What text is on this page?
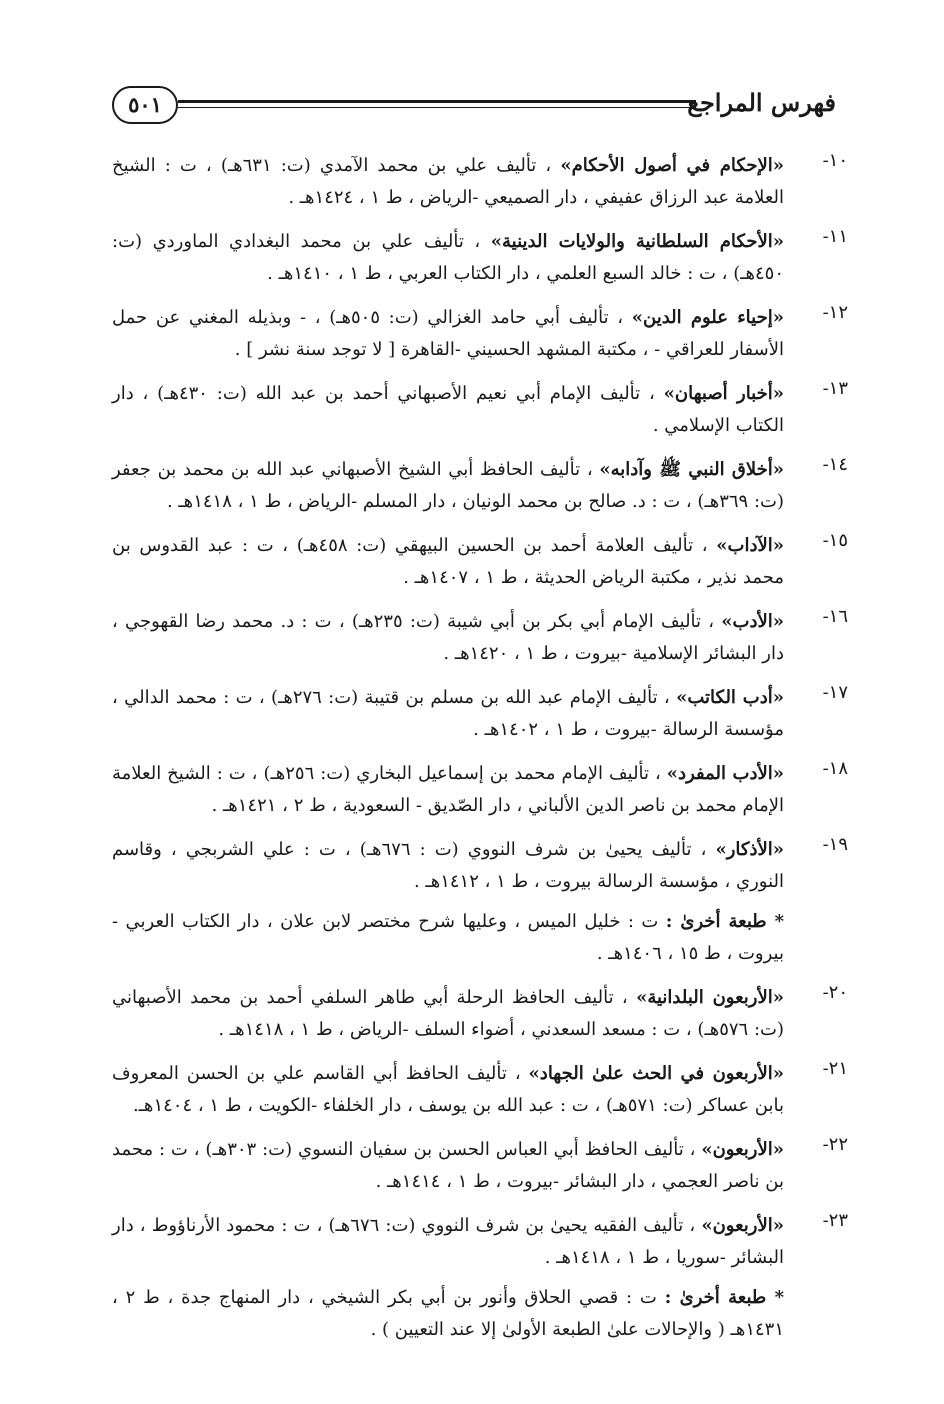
فهرس المراجع
٥٠١
١٠-
«الإحكام في أصول الأحكام» ، تأليف علي بن محمد الآمدي (ت: ٦٣١هـ) ، ت : الشيخ العلامة عبد الرزاق عفيفي ، دار الصميعي -الرياض ، ط ١ ، ١٤٢٤هـ .
١١-
«الأحكام السلطانية والولايات الدينية» ، تأليف علي بن محمد البغدادي الماوردي (ت: ٤٥٠هـ) ، ت : خالد السبع العلمي ، دار الكتاب العربي ، ط ١ ، ١٤١٠هـ .
١٢-
«إحياء علوم الدين» ، تأليف أبي حامد الغزالي (ت: ٥٠٥هـ) ، - وبذيله المغني عن حمل الأسفار للعراقي - ، مكتبة المشهد الحسيني -القاهرة [ لا توجد سنة نشر ] .
١٣-
«أخبار أصبهان» ، تأليف الإمام أبي نعيم الأصبهاني أحمد بن عبد الله (ت: ٤٣٠هـ) ، دار الكتاب الإسلامي .
١٤-
«أخلاق النبي ﷺ وآدابه» ، تأليف الحافظ أبي الشيخ الأصبهاني عبد الله بن محمد بن جعفر (ت: ٣٦٩هـ) ، ت : د. صالح بن محمد الونيان ، دار المسلم -الرياض ، ط ١ ، ١٤١٨هـ .
١٥-
«الآداب» ، تأليف العلامة أحمد بن الحسين البيهقي (ت: ٤٥٨هـ) ، ت : عبد القدوس بن محمد نذير ، مكتبة الرياض الحديثة ، ط ١ ، ١٤٠٧هـ .
١٦-
«الأدب» ، تأليف الإمام أبي بكر بن أبي شيبة (ت: ٢٣٥هـ) ، ت : د. محمد رضا القهوجي ، دار البشائر الإسلامية -بيروت ، ط ١ ، ١٤٢٠هـ .
١٧-
«أدب الكاتب» ، تأليف الإمام عبد الله بن مسلم بن قتيبة (ت: ٢٧٦هـ) ، ت : محمد الدالي ، مؤسسة الرسالة -بيروت ، ط ١ ، ١٤٠٢هـ .
١٨-
«الأدب المفرد» ، تأليف الإمام محمد بن إسماعيل البخاري (ت: ٢٥٦هـ) ، ت : الشيخ العلامة الإمام محمد بن ناصر الدين الألباني ، دار الصّديق - السعودية ، ط ٢ ، ١٤٢١هـ .
١٩-
«الأذكار» ، تأليف يحيىٰ بن شرف النووي (ت : ٦٧٦هـ) ، ت : علي الشربجي ، وقاسم النوري ، مؤسسة الرسالة بيروت ، ط ١ ، ١٤١٢هـ .
* طبعة أخرىٰ : ت : خليل الميس ، وعليها شرح مختصر لابن علان ، دار الكتاب العربي - بيروت ، ط ١٥ ، ١٤٠٦هـ .
٢٠-
«الأربعون البلدانية» ، تأليف الحافظ الرحلة أبي طاهر السلفي أحمد بن محمد الأصبهاني (ت: ٥٧٦هـ) ، ت : مسعد السعدني ، أضواء السلف -الرياض ، ط ١ ، ١٤١٨هـ .
٢١-
«الأربعون في الحث علىٰ الجهاد» ، تأليف الحافظ أبي القاسم علي بن الحسن المعروف بابن عساكر (ت: ٥٧١هـ) ، ت : عبد الله بن يوسف ، دار الخلفاء -الكويت ، ط ١ ، ١٤٠٤هـ.
٢٢-
«الأربعون» ، تأليف الحافظ أبي العباس الحسن بن سفيان النسوي (ت: ٣٠٣هـ) ، ت : محمد بن ناصر العجمي ، دار البشائر -بيروت ، ط ١ ، ١٤١٤هـ .
٢٣-
«الأربعون» ، تأليف الفقيه يحيىٰ بن شرف النووي (ت: ٦٧٦هـ) ، ت : محمود الأرناؤوط ، دار البشائر -سوريا ، ط ١ ، ١٤١٨هـ .
* طبعة أخرىٰ : ت : قصي الحلاق وأنور بن أبي بكر الشيخي ، دار المنهاج جدة ، ط ٢ ، ١٤٣١هـ ( والإحالات علىٰ الطبعة الأولىٰ إلا عند التعيين ) .
